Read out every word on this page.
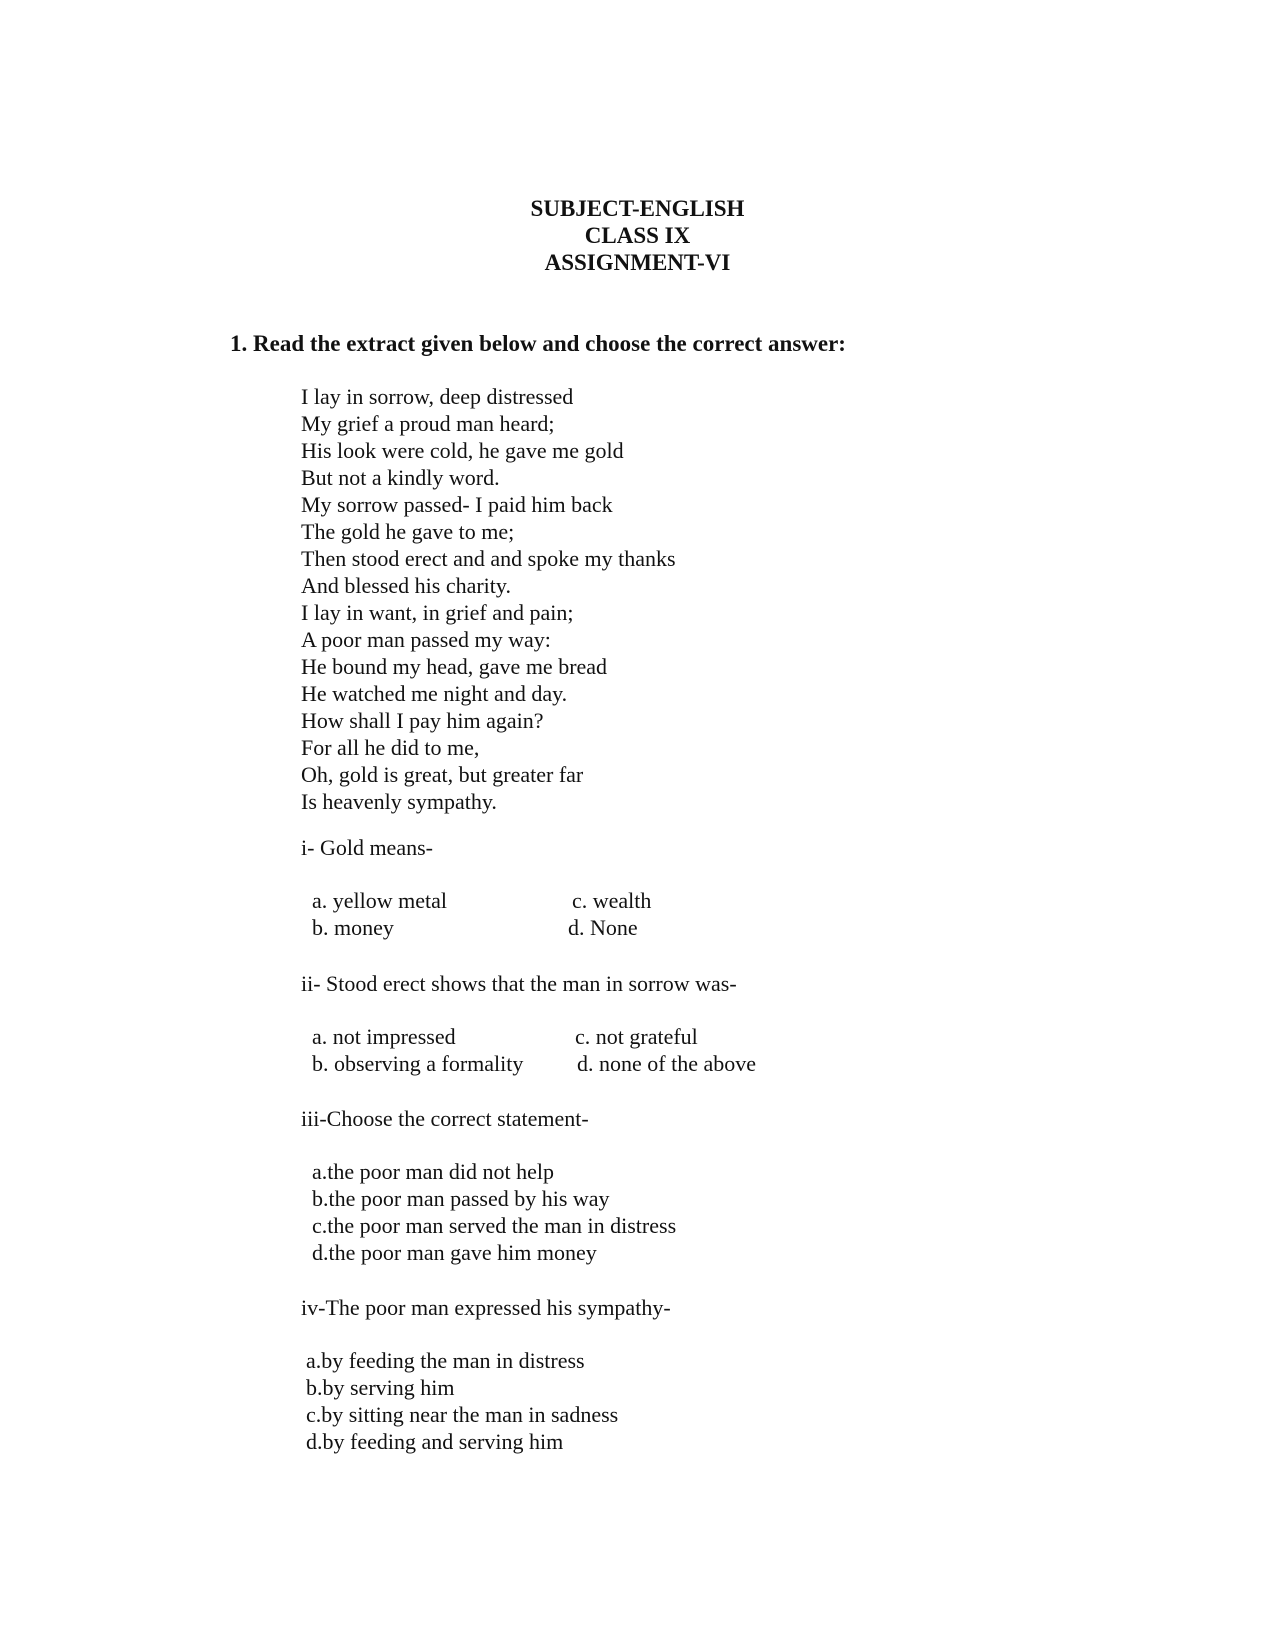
SUBJECT-ENGLISH
CLASS IX
ASSIGNMENT-VI
1. Read the extract given below and choose the correct answer:
I lay in sorrow, deep distressed
My grief a proud man heard;
His look were cold, he gave me gold
But not a kindly word.
My sorrow passed- I paid him back
The gold he gave to me;
Then stood erect and and spoke my thanks
And blessed his charity.
I lay in want, in grief and pain;
A poor man passed my way:
He bound my head, gave me bread
He watched me night and day.
How shall I pay him again?
For all he did to me,
Oh, gold is great, but greater far
Is heavenly sympathy.
i- Gold means-
a. yellow metal
b. money
c. wealth
d. None
ii- Stood erect shows that the man in sorrow was-
a. not impressed
b. observing a formality
c. not grateful
d. none of the above
iii-Choose the correct statement-
a.the poor man did not help
b.the poor man passed by his way
c.the poor man served the man in distress
d.the poor man gave him money
iv-The poor man expressed his sympathy-
a.by feeding the man in distress
b.by serving him
c.by sitting near the man in sadness
d.by feeding and serving him
